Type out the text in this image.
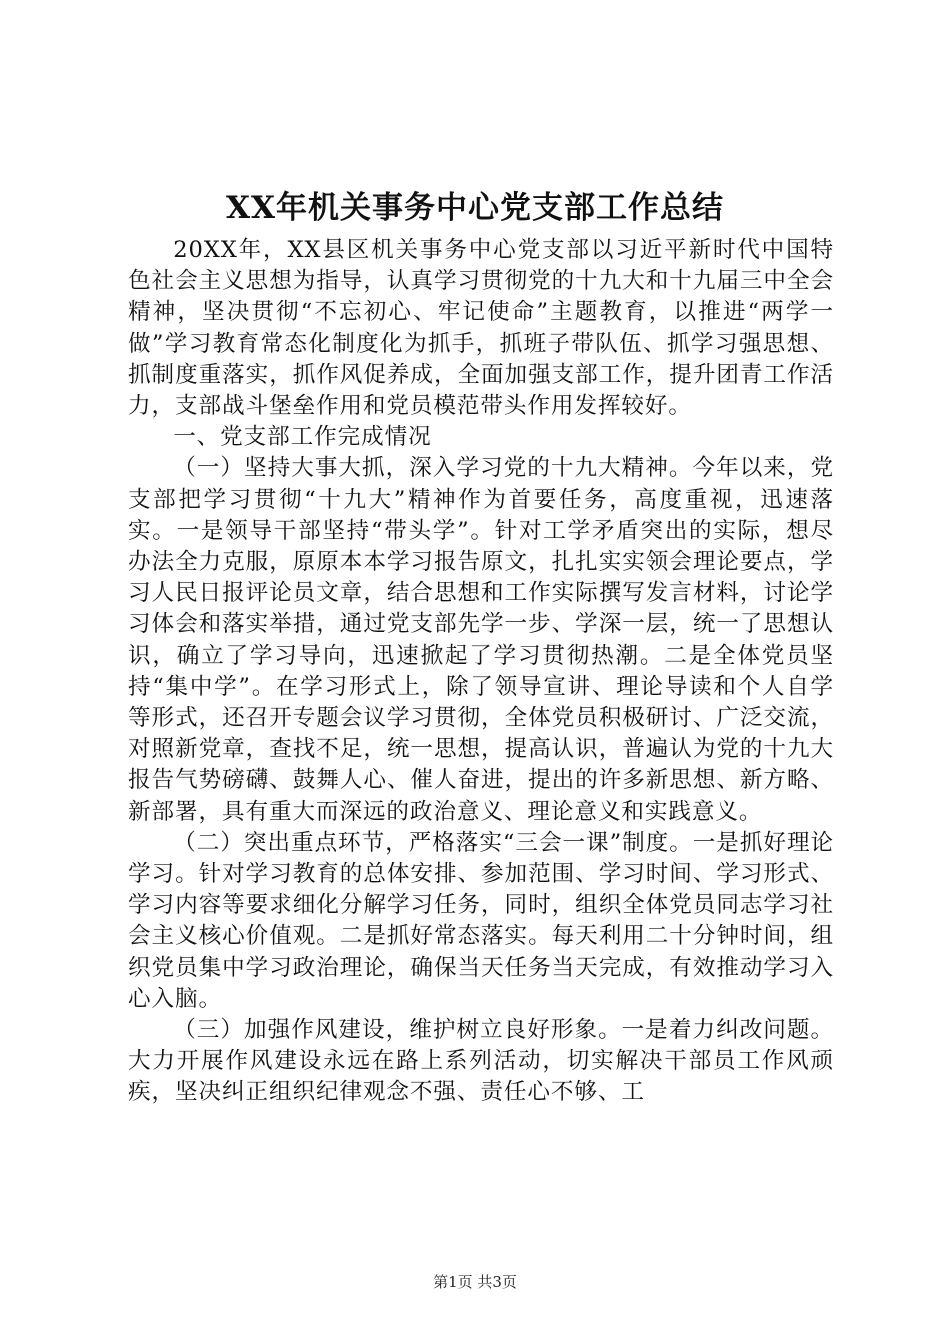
XX年机关事务中心党支部工作总结

20XX年，XX县区机关事务中心党支部以习近平新时代中国特色社会主义思想为指导，认真学习贯彻党的十九大和十九届三中全会精神，坚决贯彻“不忘初心、牢记使命”主题教育，以推进“两学一做”学习教育常态化制度化为抓手，抓班子带队伍、抓学习强思想、抓制度重落实，抓作风促养成，全面加强支部工作，提升团青工作活力，支部战斗堡垒作用和党员模范带头作用发挥较好。

一、党支部工作完成情况

（一）坚持大事大抓，深入学习党的十九大精神。今年以来，党支部把学习贯彻“十九大”精神作为首要任务，高度重视，迅速落实。一是领导干部坚持“带头学”。针对工学矛盾突出的实际，想尽办法全力克服，原原本本学习报告原文，扎扎实实领会理论要点，学习人民日报评论员文章，结合思想和工作实际撰写发言材料，讨论学习体会和落实举措，通过党支部先学一步、学深一层，统一了思想认识，确立了学习导向，迅速掀起了学习贯彻热潮。二是全体党员坚持“集中学”。在学习形式上，除了领导宣讲、理论导读和个人自学等形式，还召开专题会议学习贯彻，全体党员积极研讨、广泛交流，对照新党章，查找不足，统一思想，提高认识，普遍认为党的十九大报告气势磅礴、鼓舞人心、催人奋进，提出的许多新思想、新方略、新部署，具有重大而深远的政治意义、理论意义和实践意义。

（二）突出重点环节，严格落实“三会一课”制度。一是抓好理论学习。针对学习教育的总体安排、参加范围、学习时间、学习形式、学习内容等要求细化分解学习任务，同时，组织全体党员同志学习社会主义核心价值观。二是抓好常态落实。每天利用二十分钟时间，组织党员集中学习政治理论，确保当天任务当天完成，有效推动学习入心入脑。

（三）加强作风建设，维护树立良好形象。一是着力纠改问题。大力开展作风建设永远在路上系列活动，切实解决干部员工作风顽疾，坚决纠正组织纪律观念不强、责任心不够、工

第1页 共3页
